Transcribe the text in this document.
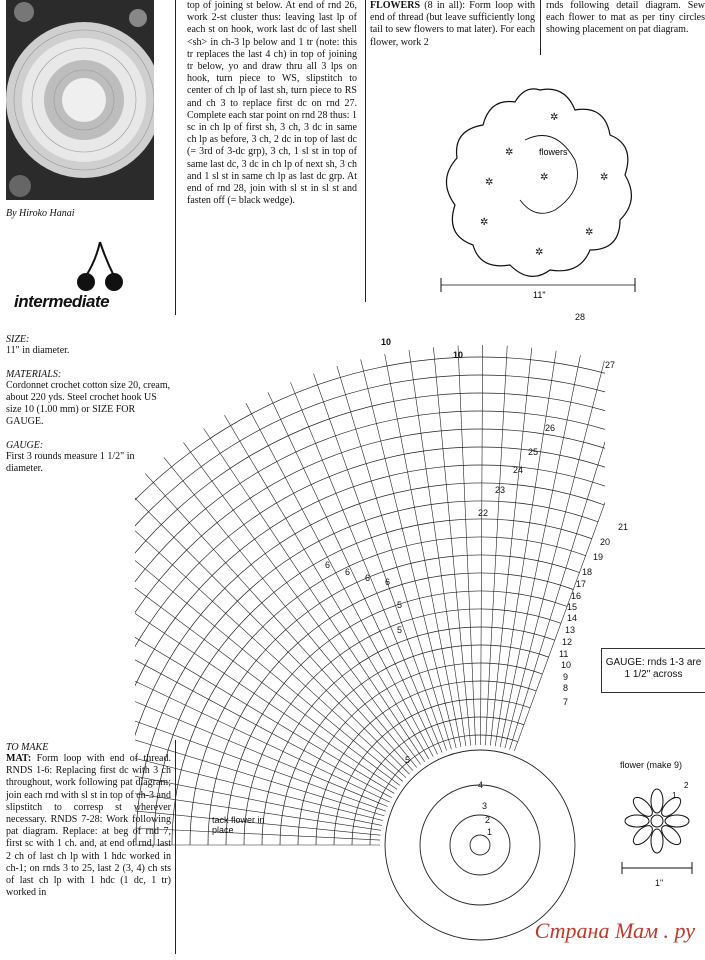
By Hiroko Hanai
intermediate
SIZE:
11" in diameter.
MATERIALS:
Cordonnet crochet cotton size 20, cream, about 220 yds. Steel crochet hook US size 10 (1.00 mm) or SIZE FOR GAUGE.
GAUGE:
First 3 rounds measure 1 1/2" in diameter.
TO MAKE
MAT: Form loop with end of thread. RNDS 1-6: Replacing first dc with 3 ch throughout, work following pat diagram; join each rnd with sl st in top of ch-3 and slipstitch to corresp st wherever necessary. RNDS 7-28: Work following pat diagram. Replace: at beg of rnd 7, first sc with 1 ch. and, at end of rnd, last 2 ch of last ch lp with 1 hdc worked in ch-1; on rnds 3 to 25, last 2 (3, 4) ch sts of last ch lp with 1 hdc (1 dc, 1 tr) worked in
top of joining st below. At end of rnd 26, work 2-st cluster thus: leaving last lp of each st on hook, work last dc of last shell <sh> in ch-3 lp below and 1 tr (note: this tr replaces the last 4 ch) in top of joining tr below, yo and draw thru all 3 lps on hook, turn piece to WS, slipstitch to center of ch lp of last sh, turn piece to RS and ch 3 to replace first dc on rnd 27. Complete each star point on rnd 28 thus: 1 sc in ch lp of first sh, 3 ch, 3 dc in same ch lp as before, 3 ch, 2 dc in top of last dc (= 3rd of 3-dc grp), 3 ch, 1 sl st in top of same last dc, 3 dc in ch lp of next sh, 3 ch and 1 sl st in same ch lp as last dc grp. At end of rnd 28, join with sl st in sl st and fasten off (= black wedge).
FLOWERS (8 in all): Form loop with end of thread (but leave sufficiently long tail to sew flowers to mat later). For each flower, work 2
rnds following detail diagram. Sew each flower to mat as per tiny circles showing placement on pat diagram.
✲
✲
✲
✲
✲
✲
✲	✲
flowers
11"
28
27
26
25
24
23
22
21
20
19
18
17
16
15
14
13
12
11
10
9
8
7
10
10
6
6
6 6
5
5
5
4
3
2
1
tack flower in place
GAUGE: rnds 1-3 are 1 1/2" across
flower (make 9)
2
1
1"
Страна Мам . ру
